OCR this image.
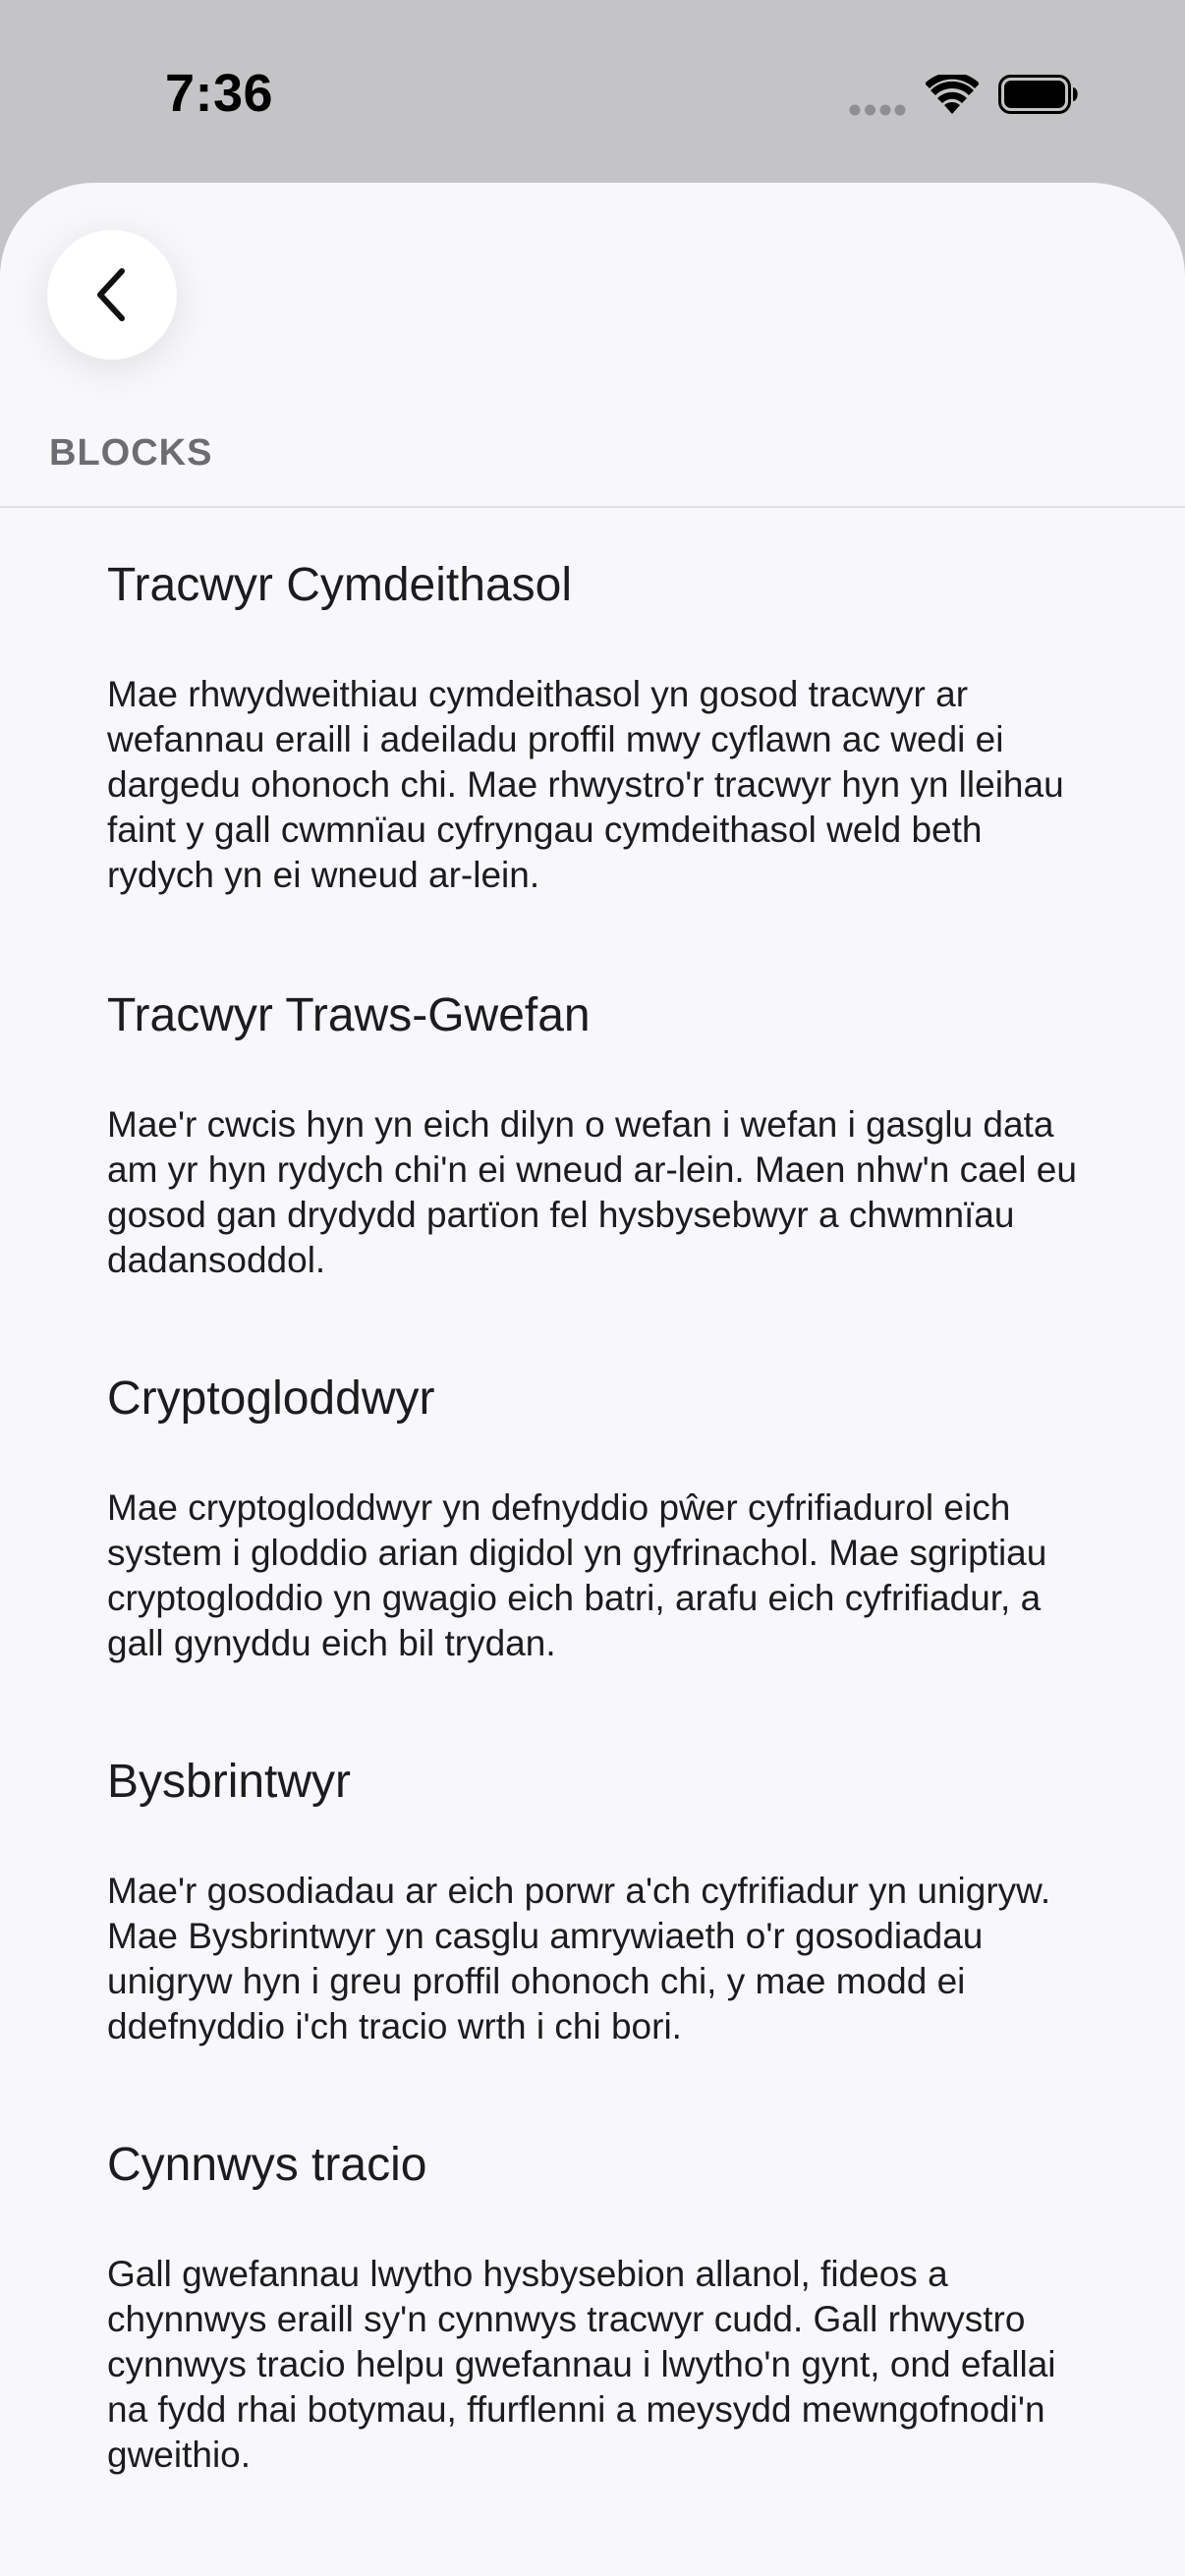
7:36
BLOCKS

Tracwyr Cymdeithasol

Mae rhwydweithiau cymdeithasol yn gosod tracwyr ar wefannau eraill i adeiladu proffil mwy cyflawn ac wedi ei dargedu ohonoch chi. Mae rhwystro'r tracwyr hyn yn lleihau faint y gall cwmnïau cyfryngau cymdeithasol weld beth rydych yn ei wneud ar-lein.

Tracwyr Traws-Gwefan

Mae'r cwcis hyn yn eich dilyn o wefan i wefan i gasglu data am yr hyn rydych chi'n ei wneud ar-lein. Maen nhw'n cael eu gosod gan drydydd partïon fel hysbysebwyr a chwmnïau dadansoddol.

Cryptogloddwyr

Mae cryptogloddwyr yn defnyddio pŵer cyfrifiadurol eich system i gloddio arian digidol yn gyfrinachol. Mae sgriptiau cryptogloddio yn gwagio eich batri, arafu eich cyfrifiadur, a gall gynyddu eich bil trydan.

Bysbrintwyr

Mae'r gosodiadau ar eich porwr a'ch cyfrifiadur yn unigryw. Mae Bysbrintwyr yn casglu amrywiaeth o'r gosodiadau unigryw hyn i greu proffil ohonoch chi, y mae modd ei ddefnyddio i'ch tracio wrth i chi bori.

Cynnwys tracio

Gall gwefannau lwytho hysbysebion allanol, fideos a chynnwys eraill sy'n cynnwys tracwyr cudd. Gall rhwystro cynnwys tracio helpu gwefannau i lwytho'n gynt, ond efallai na fydd rhai botymau, ffurflenni a meysydd mewngofnodi'n gweithio.
